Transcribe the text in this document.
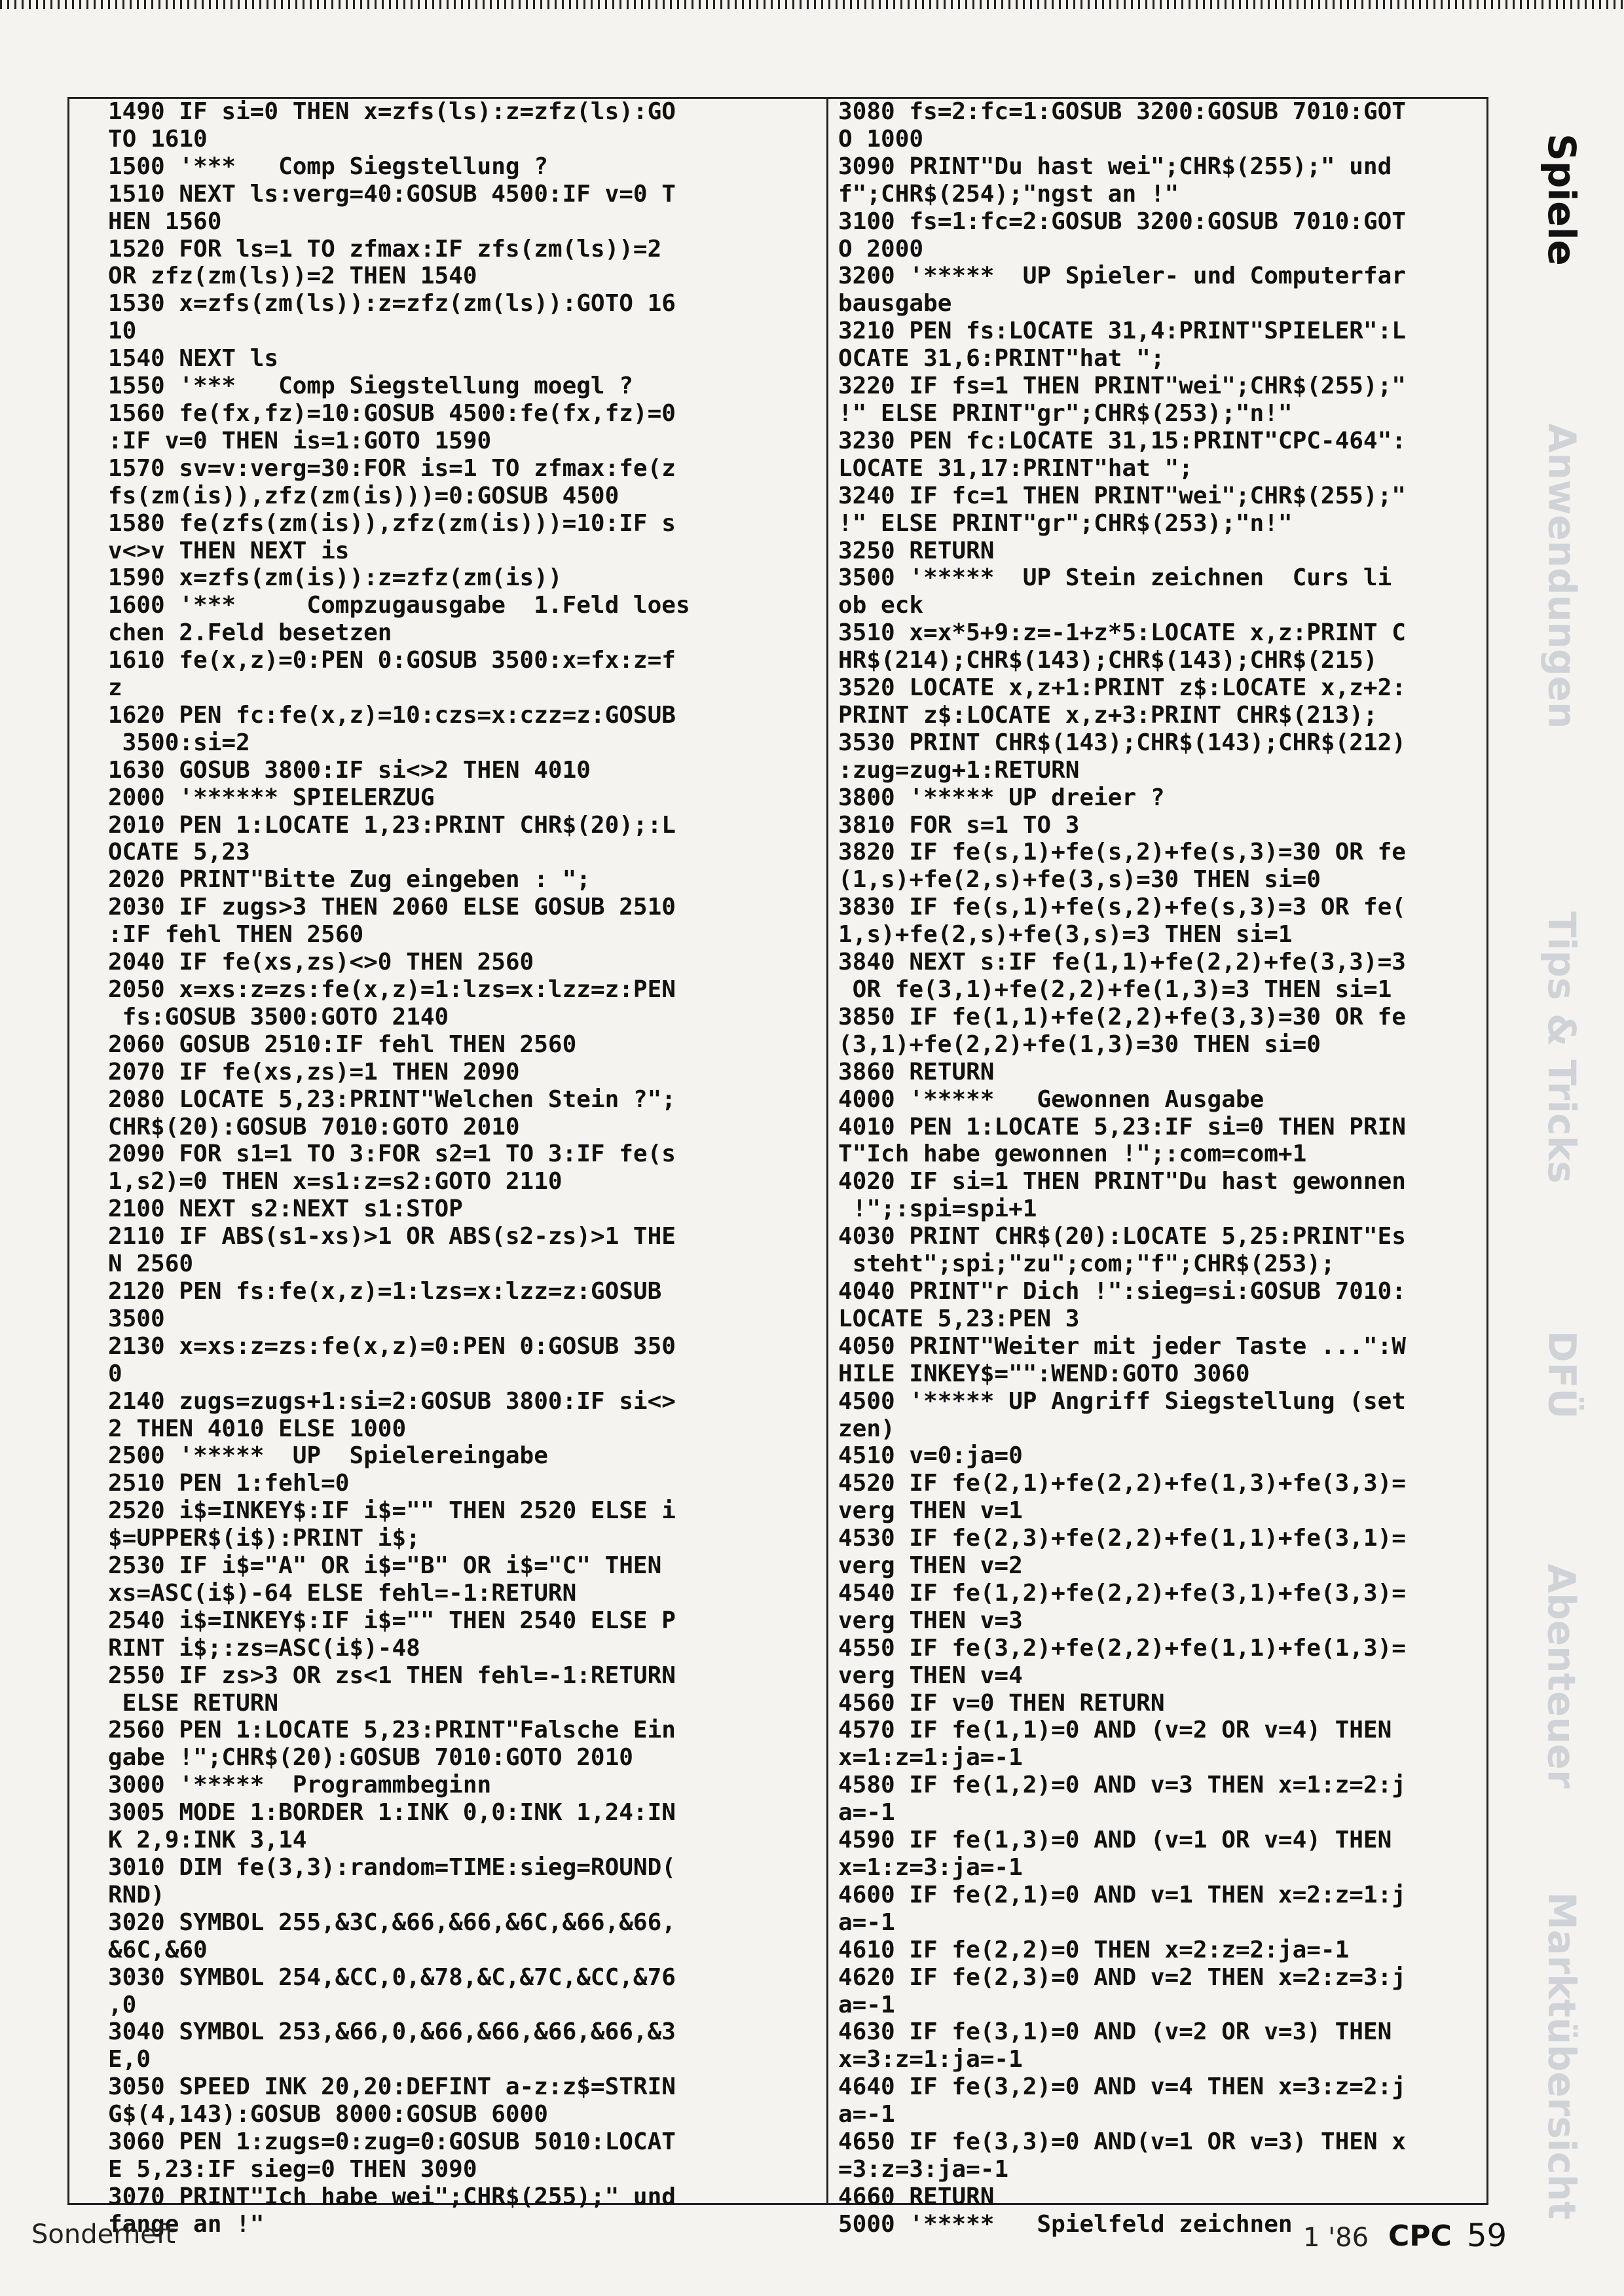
1490 IF si=0 THEN x=zfs(ls):z=zfz(ls):GO
TO 1610
1500 '***   Comp Siegstellung ?
1510 NEXT ls:verg=40:GOSUB 4500:IF v=0 T
HEN 1560
1520 FOR ls=1 TO zfmax:IF zfs(zm(ls))=2
OR zfz(zm(ls))=2 THEN 1540
1530 x=zfs(zm(ls)):z=zfz(zm(ls)):GOTO 16
10
1540 NEXT ls
1550 '***   Comp Siegstellung moegl ?
1560 fe(fx,fz)=10:GOSUB 4500:fe(fx,fz)=0
:IF v=0 THEN is=1:GOTO 1590
1570 sv=v:verg=30:FOR is=1 TO zfmax:fe(z
fs(zm(is)),zfz(zm(is)))=0:GOSUB 4500
1580 fe(zfs(zm(is)),zfz(zm(is)))=10:IF s
v<>v THEN NEXT is
1590 x=zfs(zm(is)):z=zfz(zm(is))
1600 '***     Compzugausgabe  1.Feld loes
chen 2.Feld besetzen
1610 fe(x,z)=0:PEN 0:GOSUB 3500:x=fx:z=f
z
1620 PEN fc:fe(x,z)=10:czs=x:czz=z:GOSUB
3500:si=2
1630 GOSUB 3800:IF si<>2 THEN 4010
2000 '****** SPIELERZUG
2010 PEN 1:LOCATE 1,23:PRINT CHR$(20);:L
OCATE 5,23
2020 PRINT"Bitte Zug eingeben : ";
2030 IF zugs>3 THEN 2060 ELSE GOSUB 2510
:IF fehl THEN 2560
2040 IF fe(xs,zs)<>0 THEN 2560
2050 x=xs:z=zs:fe(x,z)=1:lzs=x:lzz=z:PEN
fs:GOSUB 3500:GOTO 2140
2060 GOSUB 2510:IF fehl THEN 2560
2070 IF fe(xs,zs)=1 THEN 2090
2080 LOCATE 5,23:PRINT"Welchen Stein ?";
CHR$(20):GOSUB 7010:GOTO 2010
2090 FOR s1=1 TO 3:FOR s2=1 TO 3:IF fe(s
1,s2)=0 THEN x=s1:z=s2:GOTO 2110
2100 NEXT s2:NEXT s1:STOP
2110 IF ABS(s1-xs)>1 OR ABS(s2-zs)>1 THE
N 2560
2120 PEN fs:fe(x,z)=1:lzs=x:lzz=z:GOSUB
3500
2130 x=xs:z=zs:fe(x,z)=0:PEN 0:GOSUB 350
0
2140 zugs=zugs+1:si=2:GOSUB 3800:IF si<>
2 THEN 4010 ELSE 1000
2500 '*****  UP  Spielereingabe
2510 PEN 1:fehl=0
2520 i$=INKEY$:IF i$="" THEN 2520 ELSE i
$=UPPER$(i$):PRINT i$;
2530 IF i$="A" OR i$="B" OR i$="C" THEN
xs=ASC(i$)-64 ELSE fehl=-1:RETURN
2540 i$=INKEY$:IF i$="" THEN 2540 ELSE P
RINT i$;:zs=ASC(i$)-48
2550 IF zs>3 OR zs<1 THEN fehl=-1:RETURN
ELSE RETURN
2560 PEN 1:LOCATE 5,23:PRINT"Falsche Ein
gabe !";CHR$(20):GOSUB 7010:GOTO 2010
3000 '*****  Programmbeginn
3005 MODE 1:BORDER 1:INK 0,0:INK 1,24:IN
K 2,9:INK 3,14
3010 DIM fe(3,3):random=TIME:sieg=ROUND(
RND)
3020 SYMBOL 255,&3C,&66,&66,&6C,&66,&66,
&6C,&60
3030 SYMBOL 254,&CC,0,&78,&C,&7C,&CC,&76
,0
3040 SYMBOL 253,&66,0,&66,&66,&66,&66,&3
E,0
3050 SPEED INK 20,20:DEFINT a-z:z$=STRIN
G$(4,143):GOSUB 8000:GOSUB 6000
3060 PEN 1:zugs=0:zug=0:GOSUB 5010:LOCAT
E 5,23:IF sieg=0 THEN 3090
3070 PRINT"Ich habe wei";CHR$(255);" und
fange an !"
3080 fs=2:fc=1:GOSUB 3200:GOSUB 7010:GOT
O 1000
3090 PRINT"Du hast wei";CHR$(255);" und
f";CHR$(254);"ngst an !"
3100 fs=1:fc=2:GOSUB 3200:GOSUB 7010:GOT
O 2000
3200 '*****  UP Spieler- und Computerfar
bausgabe
3210 PEN fs:LOCATE 31,4:PRINT"SPIELER":L
OCATE 31,6:PRINT"hat ";
3220 IF fs=1 THEN PRINT"wei";CHR$(255);"
!" ELSE PRINT"gr";CHR$(253);"n!"
3230 PEN fc:LOCATE 31,15:PRINT"CPC-464":
LOCATE 31,17:PRINT"hat ";
3240 IF fc=1 THEN PRINT"wei";CHR$(255);"
!" ELSE PRINT"gr";CHR$(253);"n!"
3250 RETURN
3500 '*****  UP Stein zeichnen  Curs li
ob eck
3510 x=x*5+9:z=-1+z*5:LOCATE x,z:PRINT C
HR$(214);CHR$(143);CHR$(143);CHR$(215)
3520 LOCATE x,z+1:PRINT z$:LOCATE x,z+2:
PRINT z$:LOCATE x,z+3:PRINT CHR$(213);
3530 PRINT CHR$(143);CHR$(143);CHR$(212)
:zug=zug+1:RETURN
3800 '***** UP dreier ?
3810 FOR s=1 TO 3
3820 IF fe(s,1)+fe(s,2)+fe(s,3)=30 OR fe
(1,s)+fe(2,s)+fe(3,s)=30 THEN si=0
3830 IF fe(s,1)+fe(s,2)+fe(s,3)=3 OR fe(
1,s)+fe(2,s)+fe(3,s)=3 THEN si=1
3840 NEXT s:IF fe(1,1)+fe(2,2)+fe(3,3)=3
OR fe(3,1)+fe(2,2)+fe(1,3)=3 THEN si=1
3850 IF fe(1,1)+fe(2,2)+fe(3,3)=30 OR fe
(3,1)+fe(2,2)+fe(1,3)=30 THEN si=0
3860 RETURN
4000 '*****   Gewonnen Ausgabe
4010 PEN 1:LOCATE 5,23:IF si=0 THEN PRIN
T"Ich habe gewonnen !";:com=com+1
4020 IF si=1 THEN PRINT"Du hast gewonnen
!";:spi=spi+1
4030 PRINT CHR$(20):LOCATE 5,25:PRINT"Es
steht";spi;"zu";com;"f";CHR$(253);
4040 PRINT"r Dich !":sieg=si:GOSUB 7010:
LOCATE 5,23:PEN 3
4050 PRINT"Weiter mit jeder Taste ...":W
HILE INKEY$="":WEND:GOTO 3060
4500 '***** UP Angriff Siegstellung (set
zen)
4510 v=0:ja=0
4520 IF fe(2,1)+fe(2,2)+fe(1,3)+fe(3,3)=
verg THEN v=1
4530 IF fe(2,3)+fe(2,2)+fe(1,1)+fe(3,1)=
verg THEN v=2
4540 IF fe(1,2)+fe(2,2)+fe(3,1)+fe(3,3)=
verg THEN v=3
4550 IF fe(3,2)+fe(2,2)+fe(1,1)+fe(1,3)=
verg THEN v=4
4560 IF v=0 THEN RETURN
4570 IF fe(1,1)=0 AND (v=2 OR v=4) THEN
x=1:z=1:ja=-1
4580 IF fe(1,2)=0 AND v=3 THEN x=1:z=2:j
a=-1
4590 IF fe(1,3)=0 AND (v=1 OR v=4) THEN
x=1:z=3:ja=-1
4600 IF fe(2,1)=0 AND v=1 THEN x=2:z=1:j
a=-1
4610 IF fe(2,2)=0 THEN x=2:z=2:ja=-1
4620 IF fe(2,3)=0 AND v=2 THEN x=2:z=3:j
a=-1
4630 IF fe(3,1)=0 AND (v=2 OR v=3) THEN
x=3:z=1:ja=-1
4640 IF fe(3,2)=0 AND v=4 THEN x=3:z=2:j
a=-1
4650 IF fe(3,3)=0 AND(v=1 OR v=3) THEN x
=3:z=3:ja=-1
4660 RETURN
5000 '*****   Spielfeld zeichnen
Spiele
Anwendungen
Tips & Tricks
DFÜ
Abenteuer
Marktübersicht
Sonderheft	1 '86 CPC 59
